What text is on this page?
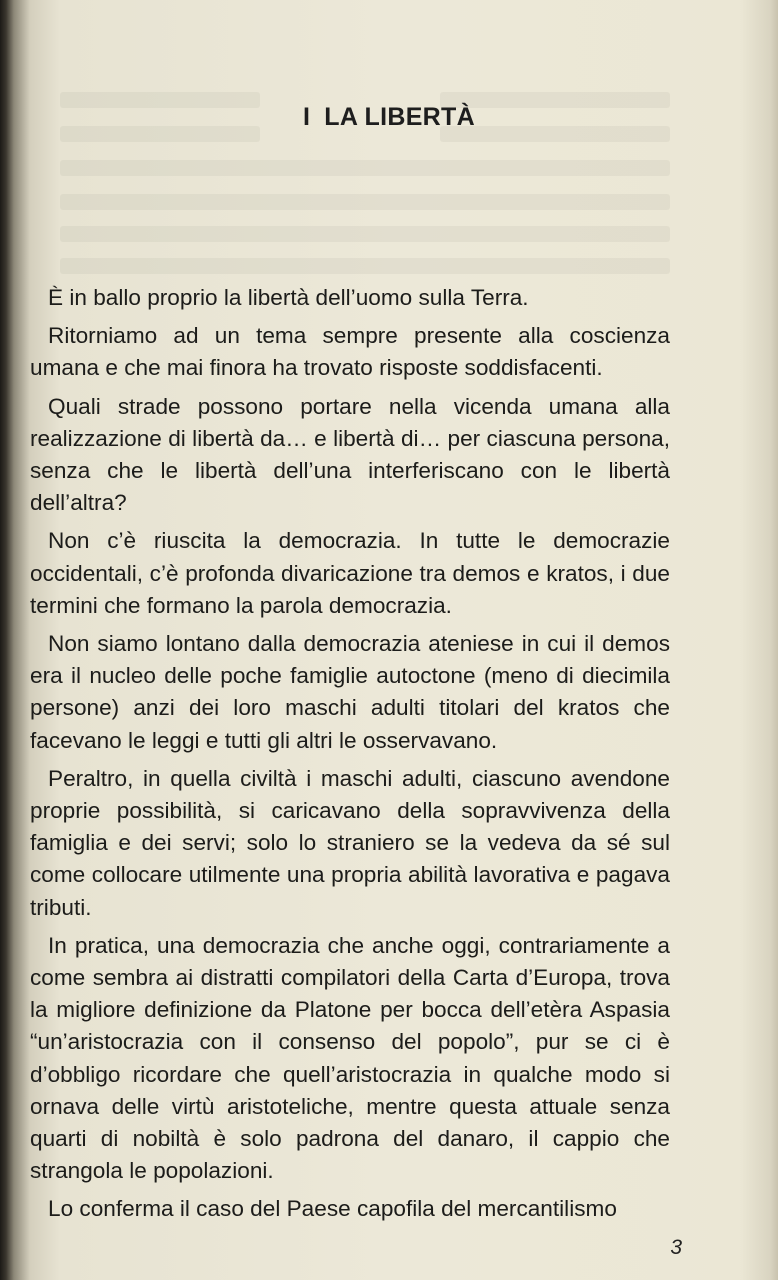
I LA LIBERTÀ

È in ballo proprio la libertà dell’uomo sulla Terra.

Ritorniamo ad un tema sempre presente alla coscienza umana e che mai finora ha trovato risposte soddisfacenti.

Quali strade possono portare nella vicenda umana alla realizzazione di libertà da… e libertà di… per ciascuna persona, senza che le libertà dell’una interferiscano con le libertà dell’altra?

Non c’è riuscita la democrazia. In tutte le democrazie occidentali, c’è profonda divaricazione tra demos e kratos, i due termini che formano la parola democrazia.

Non siamo lontano dalla democrazia ateniese in cui il demos era il nucleo delle poche famiglie autoctone (meno di diecimila persone) anzi dei loro maschi adulti titolari del kratos che facevano le leggi e tutti gli altri le osservavano.

Peraltro, in quella civiltà i maschi adulti, ciascuno avendone proprie possibilità, si caricavano della sopravvivenza della famiglia e dei servi; solo lo straniero se la vedeva da sé sul come collocare utilmente una propria abilità lavorativa e pagava tributi.

In pratica, una democrazia che anche oggi, contrariamente a come sembra ai distratti compilatori della Carta d’Europa, trova la migliore definizione da Platone per bocca dell’etèra Aspasia “un’aristocrazia con il consenso del popolo”, pur se ci è d’obbligo ricordare che quell’aristocrazia in qualche modo si ornava delle virtù aristoteliche, mentre questa attuale senza quarti di nobiltà è solo padrona del danaro, il cappio che strangola le popolazioni.

Lo conferma il caso del Paese capofila del mercantilismo

3
